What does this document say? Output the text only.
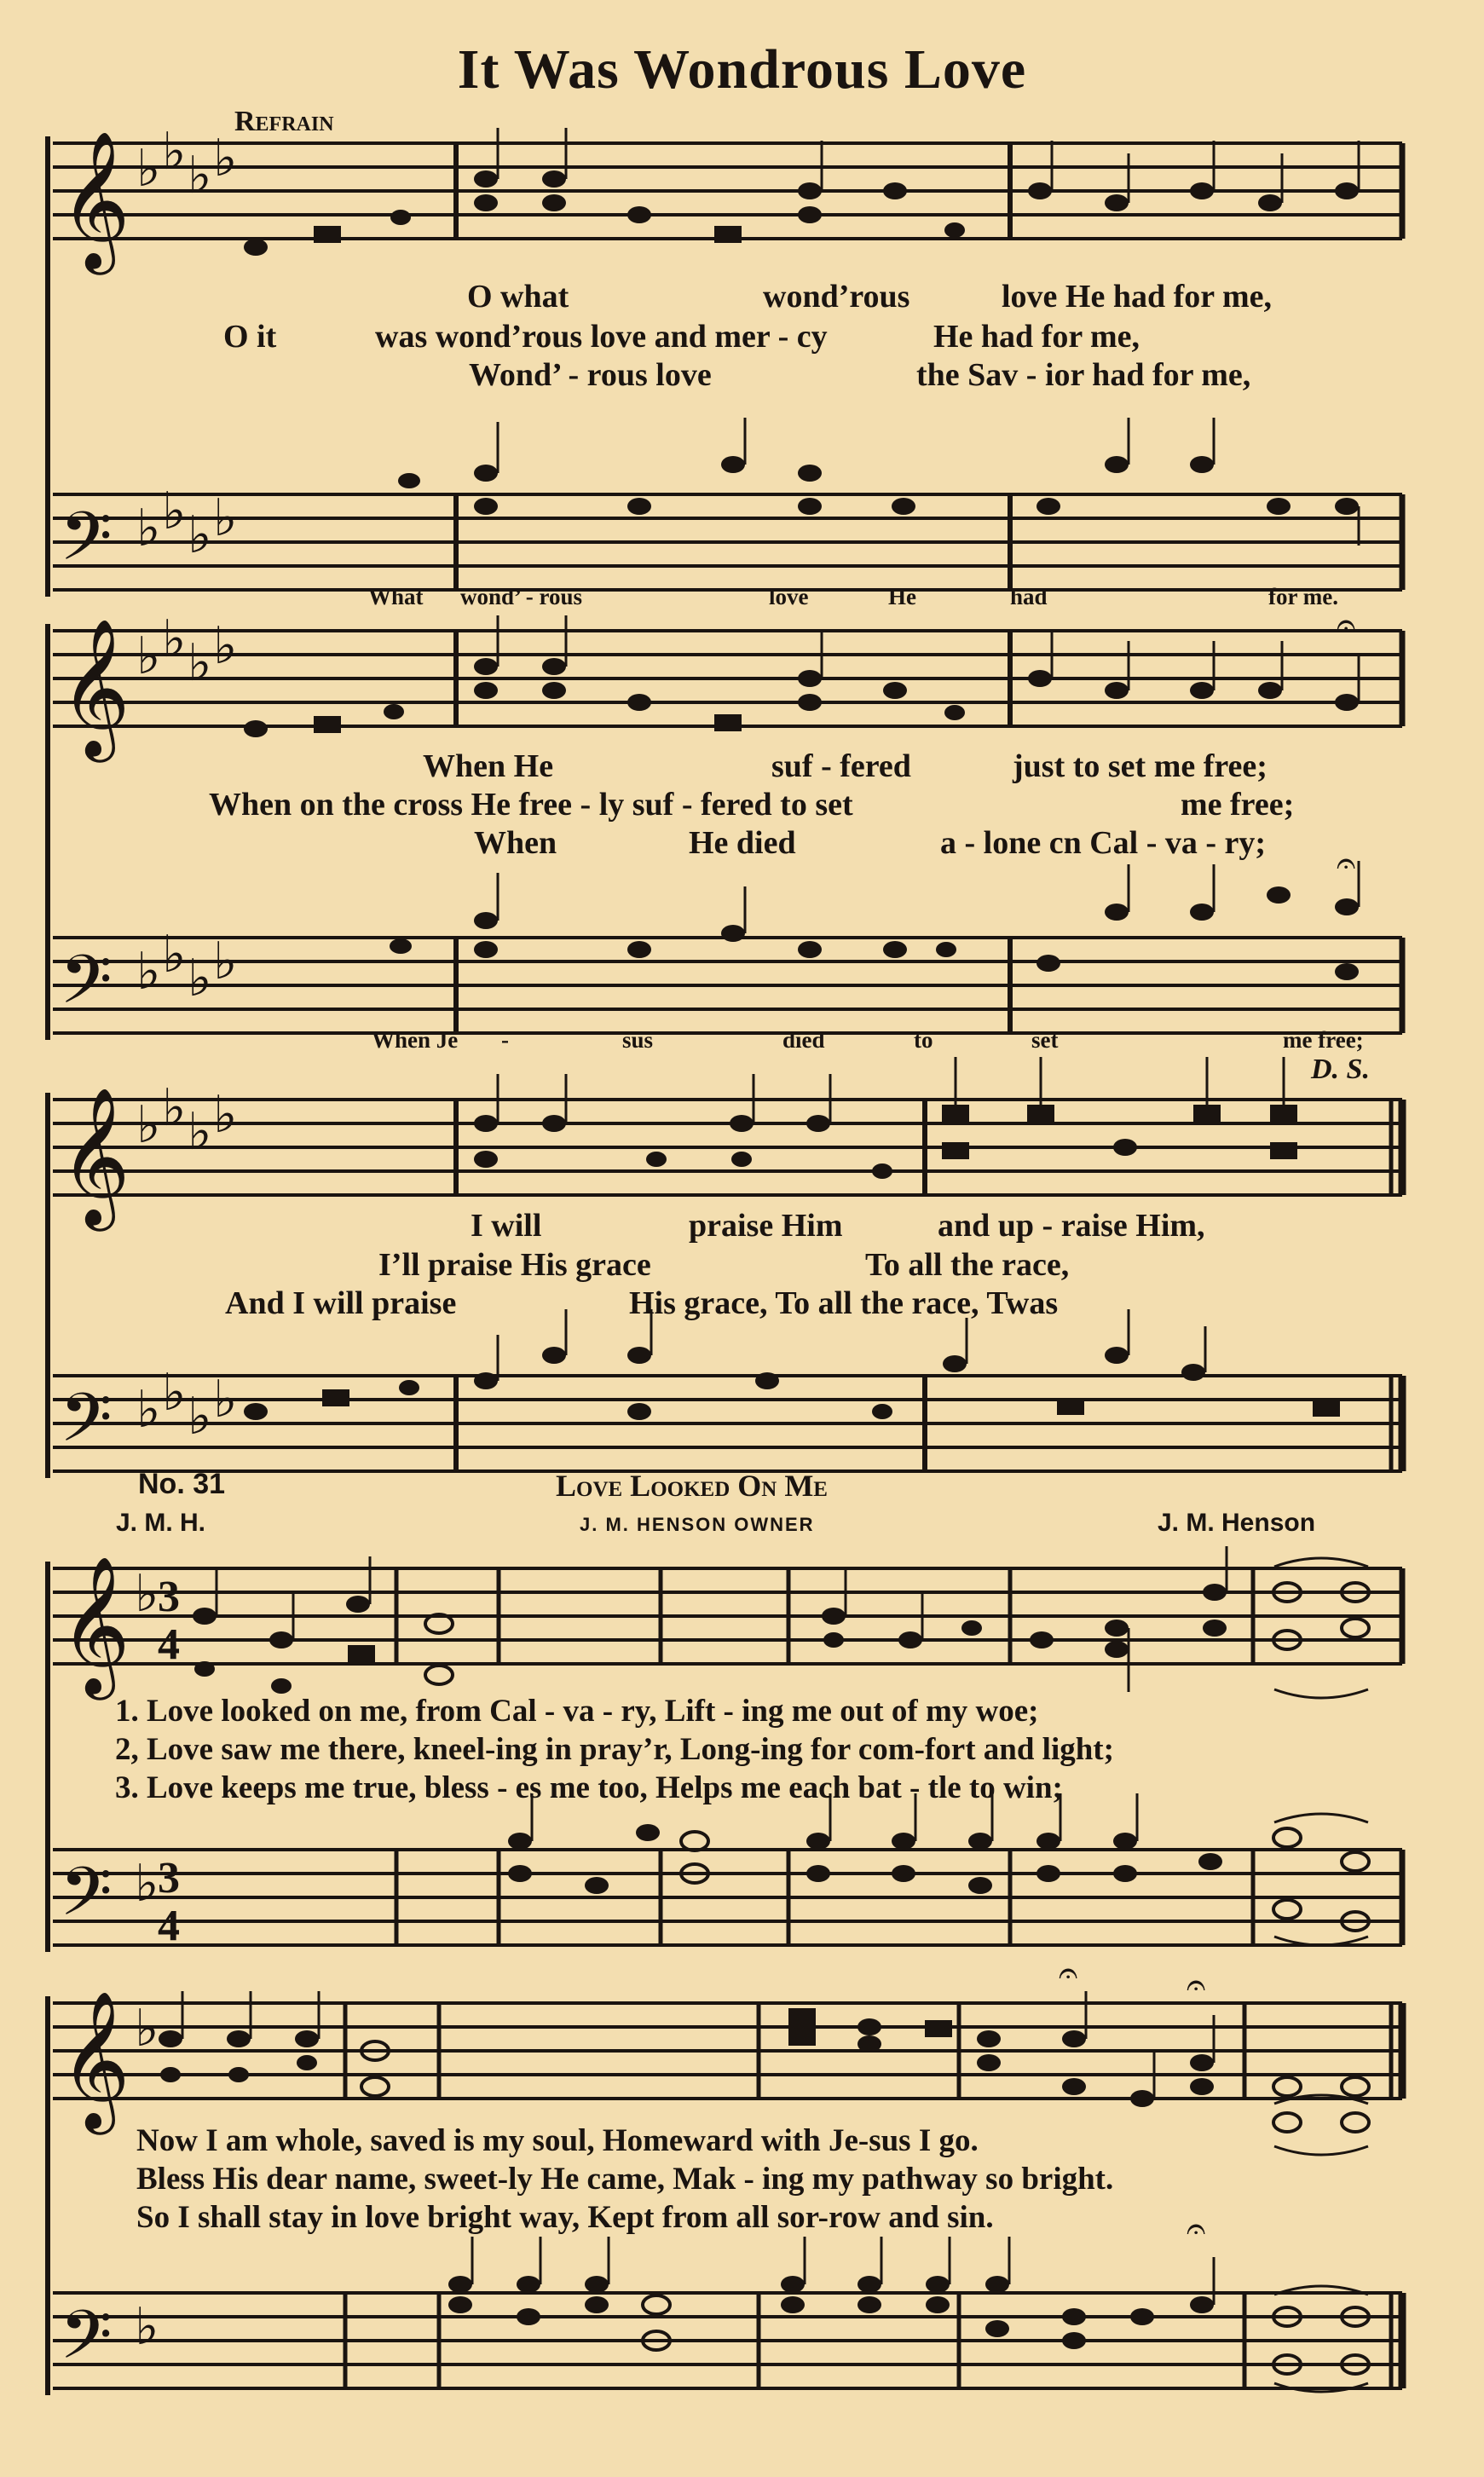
It Was Wondrous Love
Refrain
𝄞
𝄢
♭ ♭ ♭ ♭
♭ ♭ ♭ ♭
O what	wond’rous	love He had for me,
O it	was wond’rous love and mer - cy	He had for me,
Wond’ - rous love	the Sav - ior had for me,
What wond’ - rous	love	He	had	for me.
𝄞
𝄢
♭ ♭ ♭ ♭
♭ ♭ ♭ ♭
𝄐
𝄐
When He	suf - fered	just to set me free;
When on the cross He free - ly suf - fered to set	me free;
When	He died	a - lone cn Cal - va - ry;
When Je -	sus	died	to	set	me free;
𝄞
𝄢
♭ ♭ ♭ ♭
♭ ♭ ♭ ♭
D. S.
I will	praise Him	and up - raise Him,
I’ll praise His grace	To all the race,
And I will praise	His grace, To all the race, Twas
No. 31	Love Looked On Me
J. M. H.	J. M. HENSON OWNER	J. M. Henson
𝄞
𝄢
♭
♭
3
4
3
4
1. Love looked on me, from Cal - va - ry, Lift - ing me out of my woe;
2, Love saw me there, kneel-ing in pray’r, Long-ing for com-fort and light;
3. Love keeps me true, bless - es me too, Helps me each bat - tle to win;
𝄞
𝄢
♭
♭
𝄐	𝄐
𝄐
Now I am whole, saved is my soul, Homeward with Je-sus I go.
Bless His dear name, sweet-ly He came, Mak - ing my pathway so bright.
So I shall stay in love bright way, Kept from all sor-row and sin.
